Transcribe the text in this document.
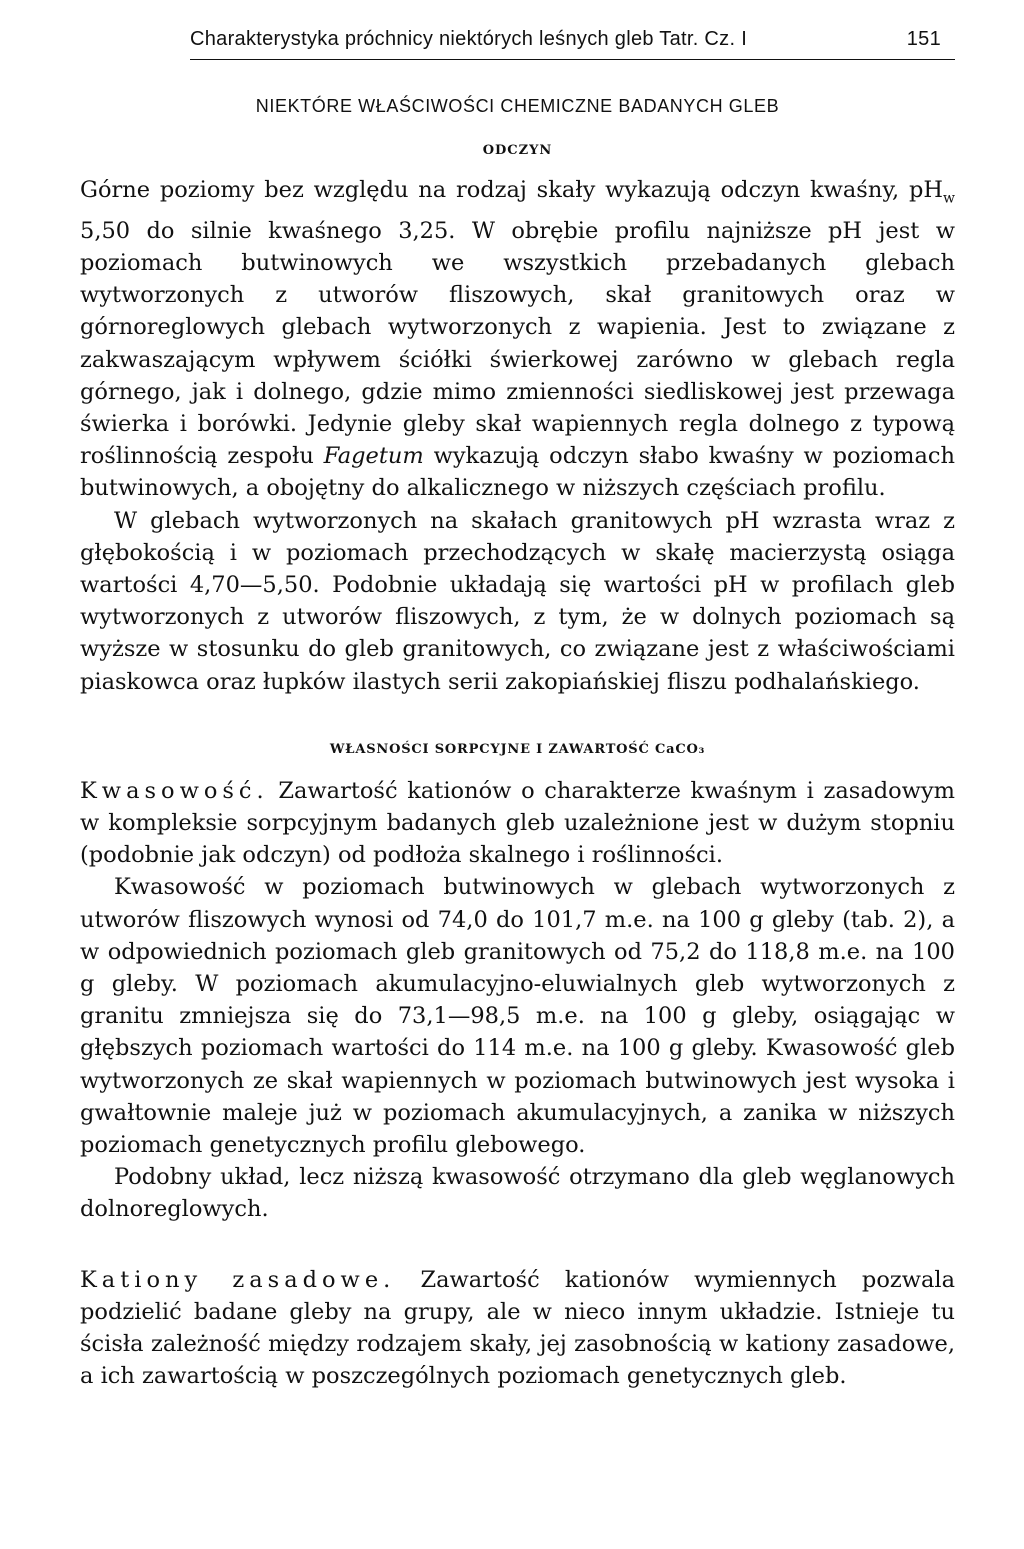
Charakterystyka próchnicy niektórych leśnych gleb Tatr. Cz. I	151
NIEKTÓRE WŁAŚCIWOŚCI CHEMICZNE BADANYCH GLEB
ODCZYN

Górne poziomy bez względu na rodzaj skały wykazują odczyn kwaśny, $pH_w$ 5,50 do silnie kwaśnego 3,25. W obrębie profilu najniższe pH jest w poziomach butwinowych we wszystkich przebadanych glebach wytworzonych z utworów fliszowych, skał granitowych oraz w górnoreglowych glebach wytworzonych z wapienia. Jest to związane z zakwaszającym wpływem ściółki świerkowej zarówno w glebach regla górnego, jak i dolnego, gdzie mimo zmienności siedliskowej jest przewaga świerka i borówki. Jedynie gleby skał wapiennych regla dolnego z typową roślinnością zespołu Fagetum wykazują odczyn słabo kwaśny w poziomach butwinowych, a obojętny do alkalicznego w niższych częściach profilu.

W glebach wytworzonych na skałach granitowych pH wzrasta wraz z głębokością i w poziomach przechodzących w skałę macierzystą osiąga wartości 4,70—5,50. Podobnie układają się wartości pH w profilach gleb wytworzonych z utworów fliszowych, z tym, że w dolnych poziomach są wyższe w stosunku do gleb granitowych, co związane jest z właściwościami piaskowca oraz łupków ilastych serii zakopiańskiej fliszu podhalańskiego.

WŁASNOŚCI SORPCYJNE I ZAWARTOŚĆ CaCO₃

Kwasowość. Zawartość kationów o charakterze kwaśnym i zasadowym w kompleksie sorpcyjnym badanych gleb uzależnione jest w dużym stopniu (podobnie jak odczyn) od podłoża skalnego i roślinności.

Kwasowość w poziomach butwinowych w glebach wytworzonych z utworów fliszowych wynosi od 74,0 do 101,7 m.e. na 100 g gleby (tab. 2), a w odpowiednich poziomach gleb granitowych od 75,2 do 118,8 m.e. na 100 g gleby. W poziomach akumulacyjno-eluwialnych gleb wytworzonych z granitu zmniejsza się do 73,1—98,5 m.e. na 100 g gleby, osiągając w głębszych poziomach wartości do 114 m.e. na 100 g gleby. Kwasowość gleb wytworzonych ze skał wapiennych w poziomach butwinowych jest wysoka i gwałtownie maleje już w poziomach akumulacyjnych, a zanika w niższych poziomach genetycznych profilu glebowego.

Podobny układ, lecz niższą kwasowość otrzymano dla gleb węglanowych dolnoreglowych.

Kationy zasadowe. Zawartość kationów wymiennych pozwala podzielić badane gleby na grupy, ale w nieco innym układzie. Istnieje tu ścisła zależność między rodzajem skały, jej zasobnością w kationy zasadowe, a ich zawartością w poszczególnych poziomach genetycznych gleb.
